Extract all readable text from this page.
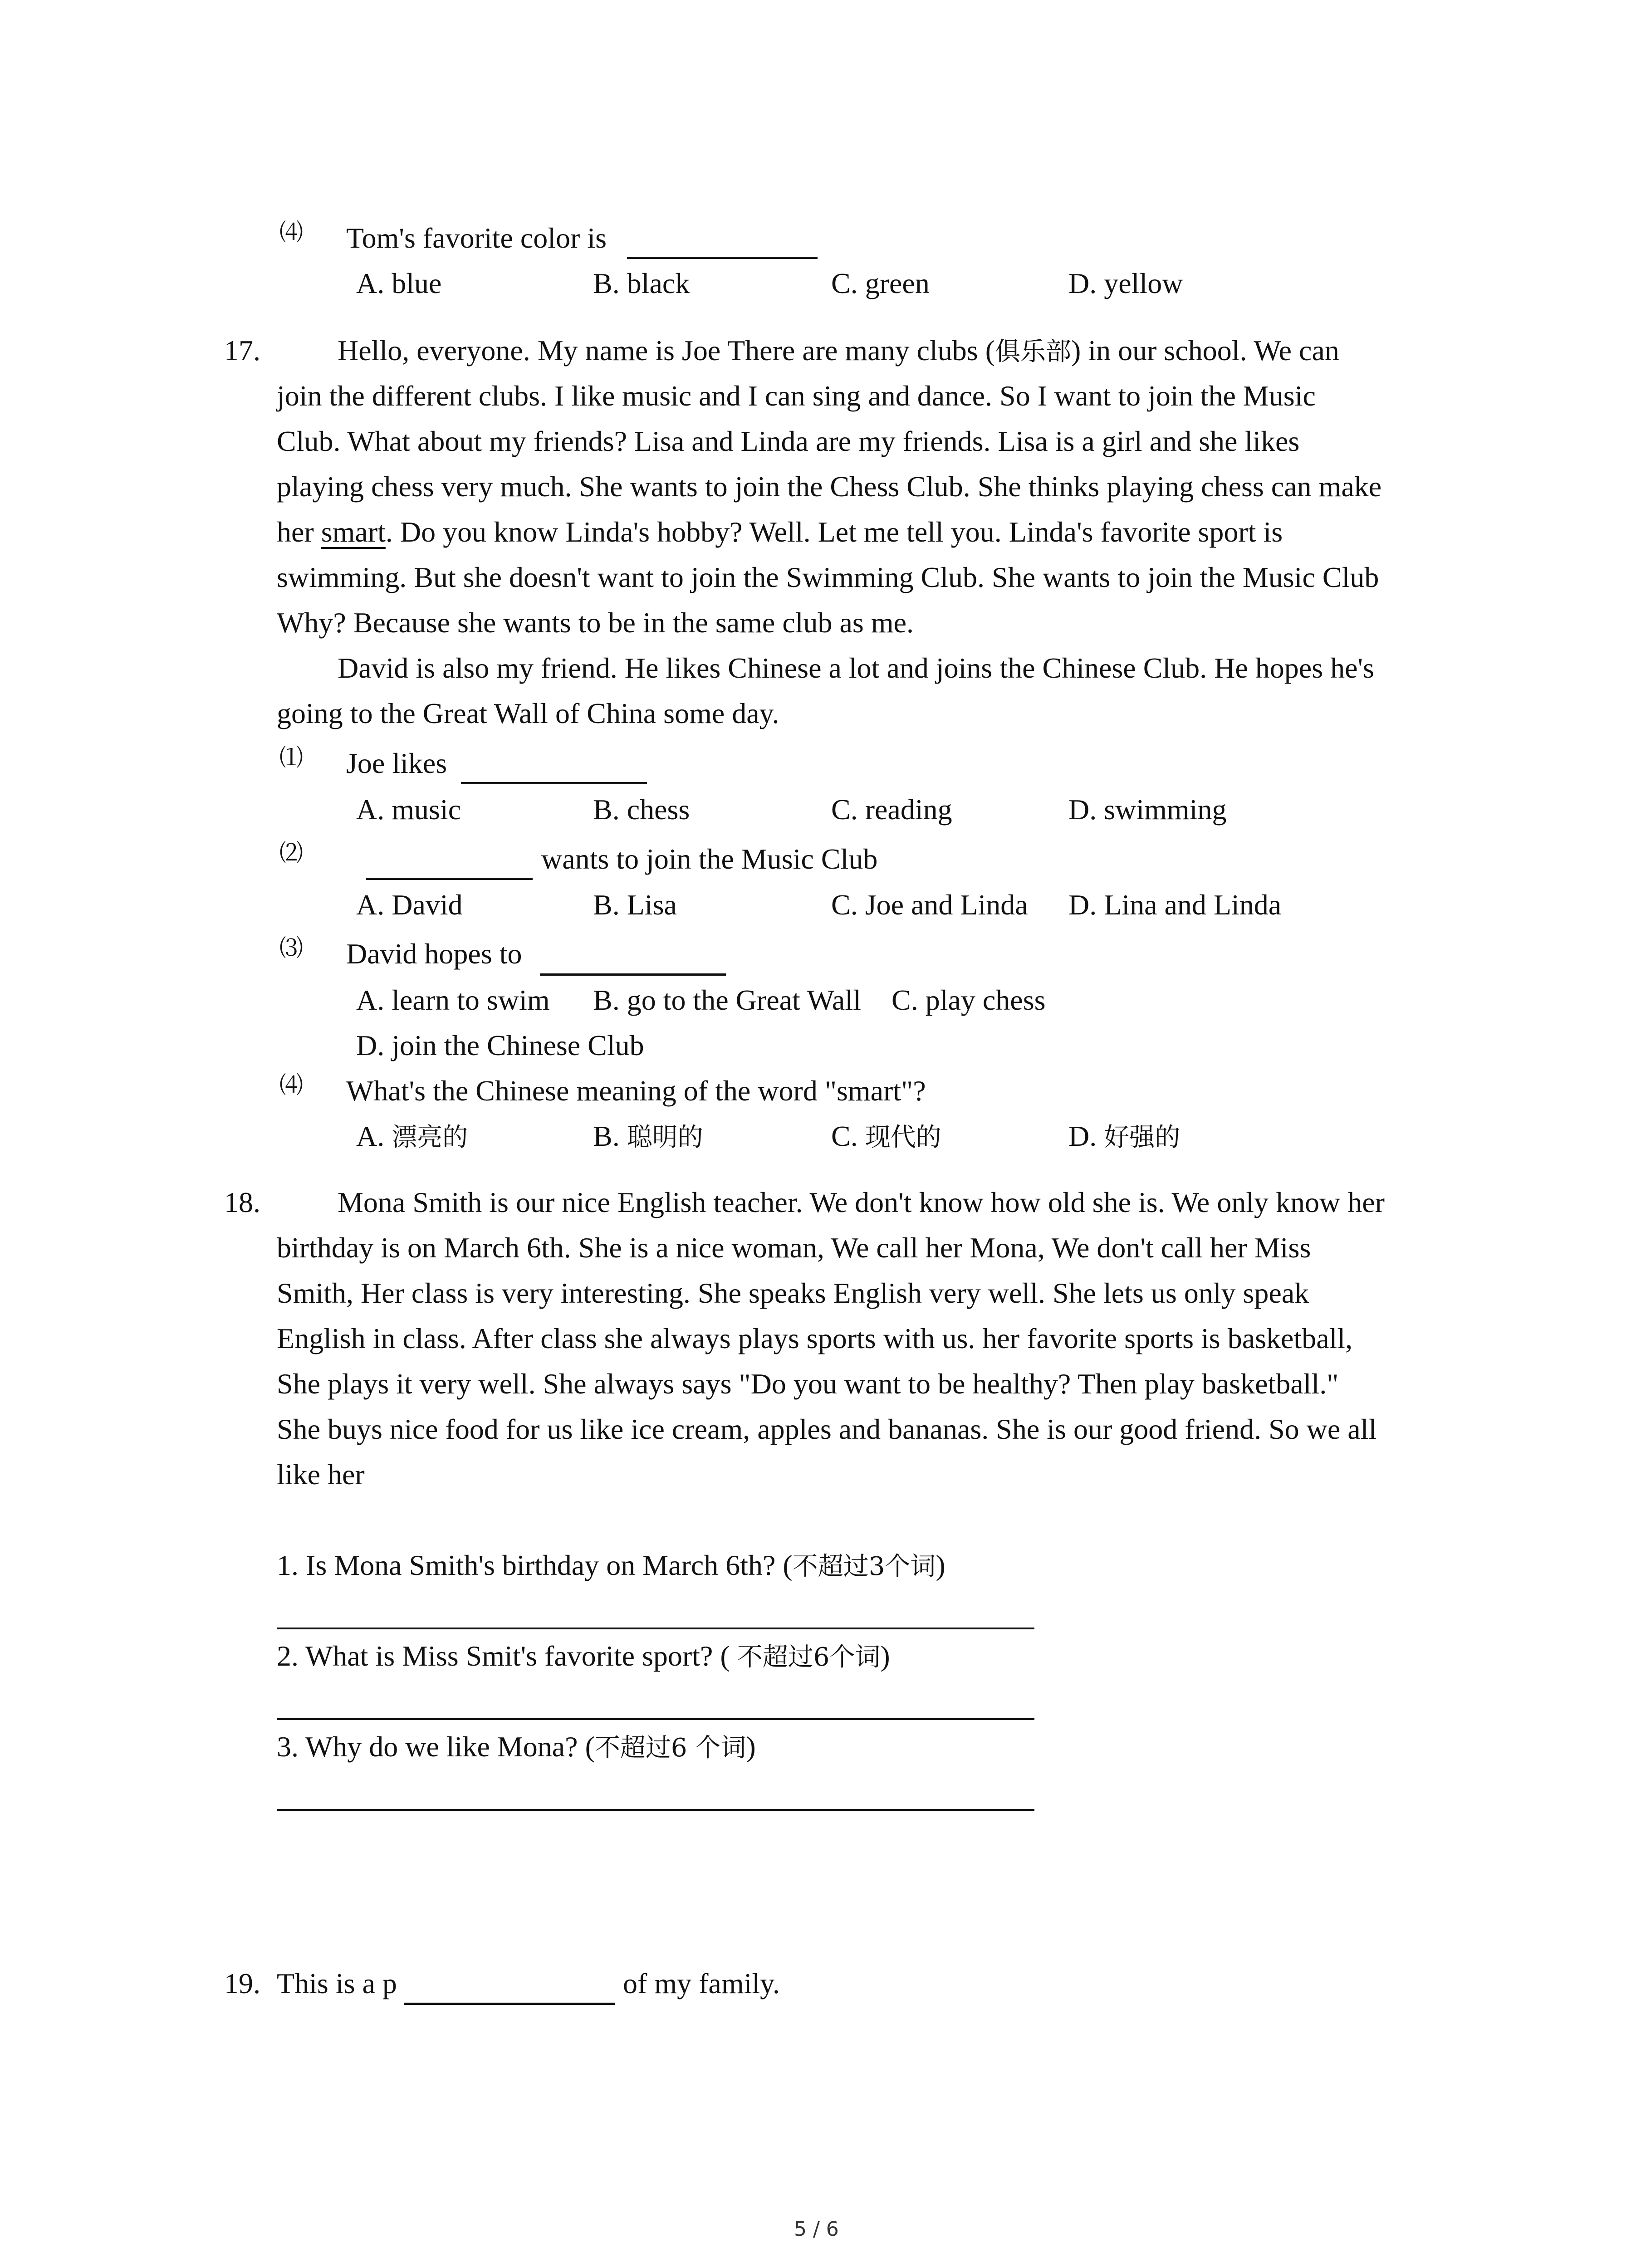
⑷ Tom's favorite color is
A. blue	B. black	C. green	D. yellow
17.	Hello, everyone. My name is Joe There are many clubs (俱乐部) in our school. We can
join the different clubs. I like music and I can sing and dance. So I want to join the Music
Club. What about my friends? Lisa and Linda are my friends. Lisa is a girl and she likes
playing chess very much. She wants to join the Chess Club. She thinks playing chess can make
her smart. Do you know Linda's hobby? Well. Let me tell you. Linda's favorite sport is
swimming. But she doesn't want to join the Swimming Club. She wants to join the Music Club
Why? Because she wants to be in the same club as me.
David is also my friend. He likes Chinese a lot and joins the Chinese Club. He hopes he's
going to the Great Wall of China some day.
⑴ Joe likes
A. music	B. chess	C. reading	D. swimming
⑵	wants to join the Music Club
A. David	B. Lisa	C. Joe and Linda D. Lina and Linda
⑶ David hopes to
A. learn to swim B. go to the Great Wall C. play chess
D. join the Chinese Club
⑷ What's the Chinese meaning of the word "smart"?
A. 漂亮的	B. 聪明的	C. 现代的	D. 好强的
18.	Mona Smith is our nice English teacher. We don't know how old she is. We only know her
birthday is on March 6th. She is a nice woman, We call her Mona, We don't call her Miss
Smith, Her class is very interesting. She speaks English very well. She lets us only speak
English in class. After class she always plays sports with us. her favorite sports is basketball,
She plays it very well. She always says "Do you want to be healthy? Then play basketball."
She buys nice food for us like ice cream, apples and bananas. She is our good friend. So we all
like her
1. Is Mona Smith's birthday on March 6th? (不超过3个词)
2. What is Miss Smit's favorite sport? ( 不超过6个词)
3. Why do we like Mona? (不超过6 个词)
19. This is a p	of my family.
5 / 6
